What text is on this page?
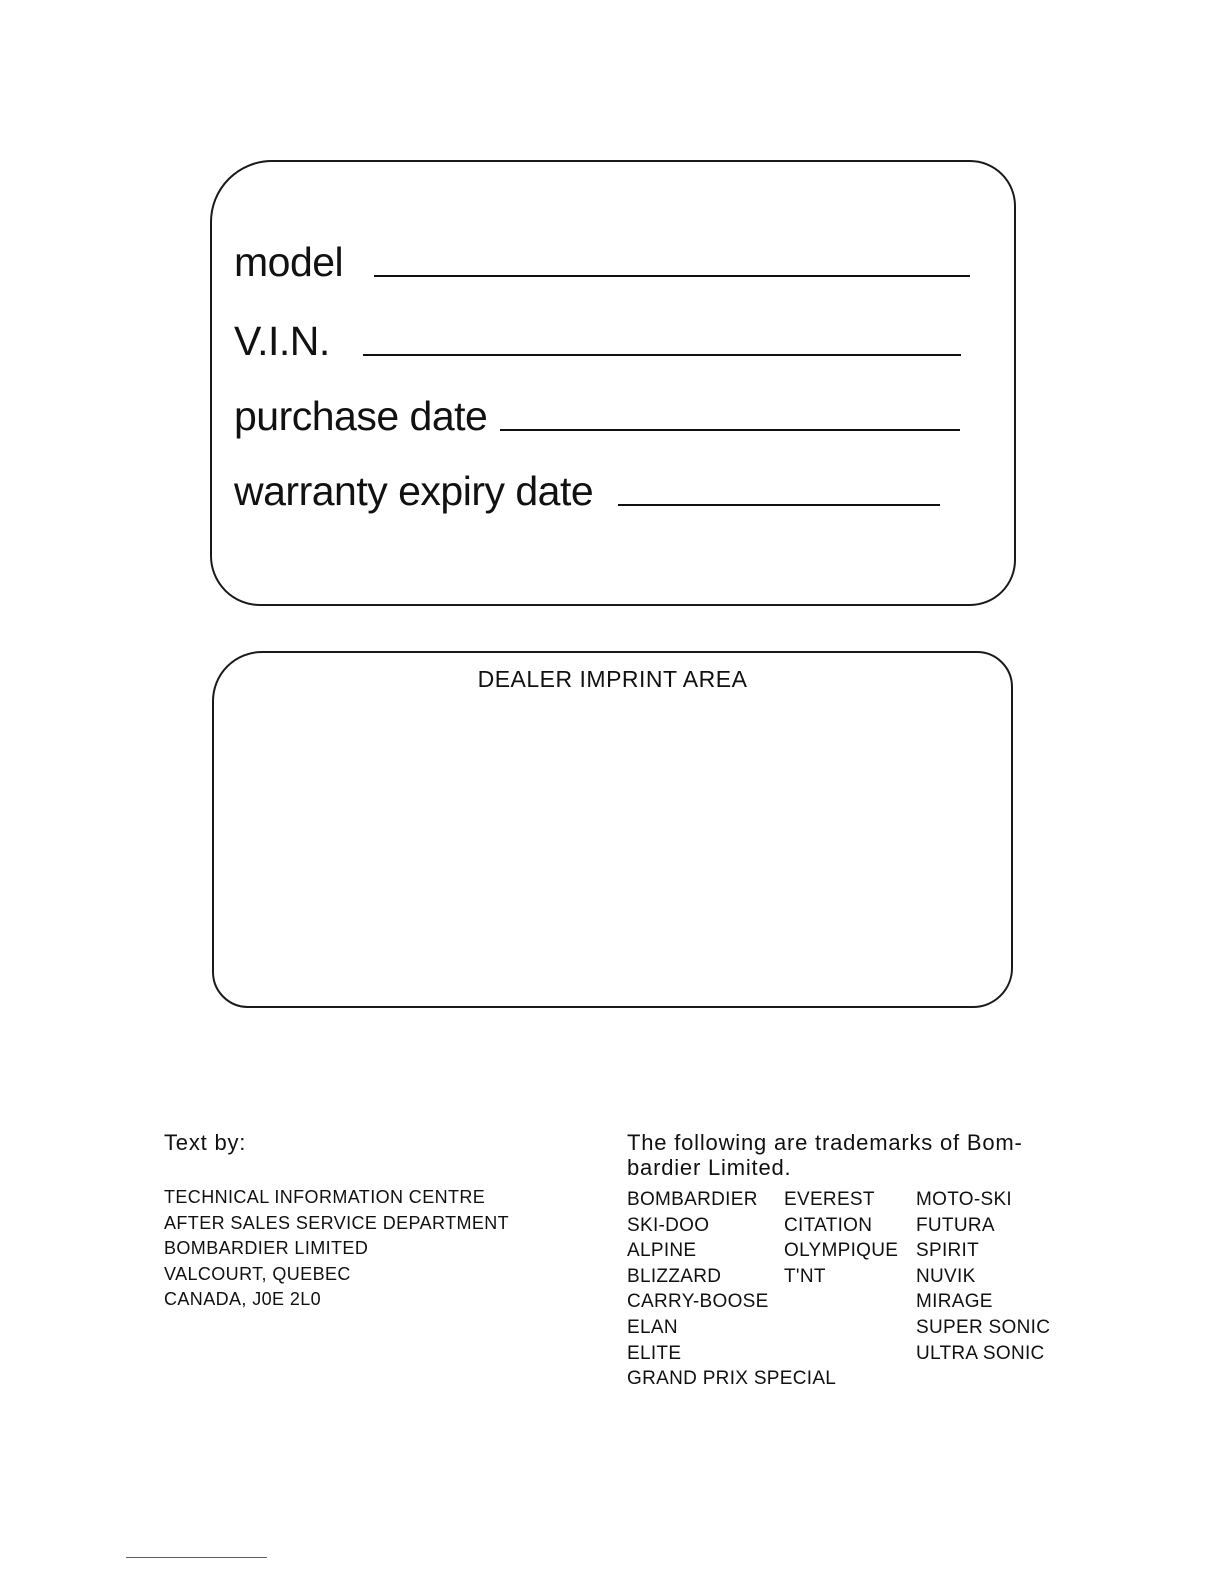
model
V.I.N.
purchase date
warranty expiry date
DEALER IMPRINT AREA
Text by:
TECHNICAL INFORMATION CENTRE
AFTER SALES SERVICE DEPARTMENT
BOMBARDIER LIMITED
VALCOURT, QUEBEC
CANADA, J0E 2L0
The following are trademarks of Bom-bardier Limited.
BOMBARDIER
SKI-DOO
ALPINE
BLIZZARD
CARRY-BOOSE
ELAN
ELITE
GRAND PRIX SPECIAL
EVEREST
CITATION
OLYMPIQUE
T'NT
MOTO-SKI
FUTURA
SPIRIT
NUVIK
MIRAGE
SUPER SONIC
ULTRA SONIC
